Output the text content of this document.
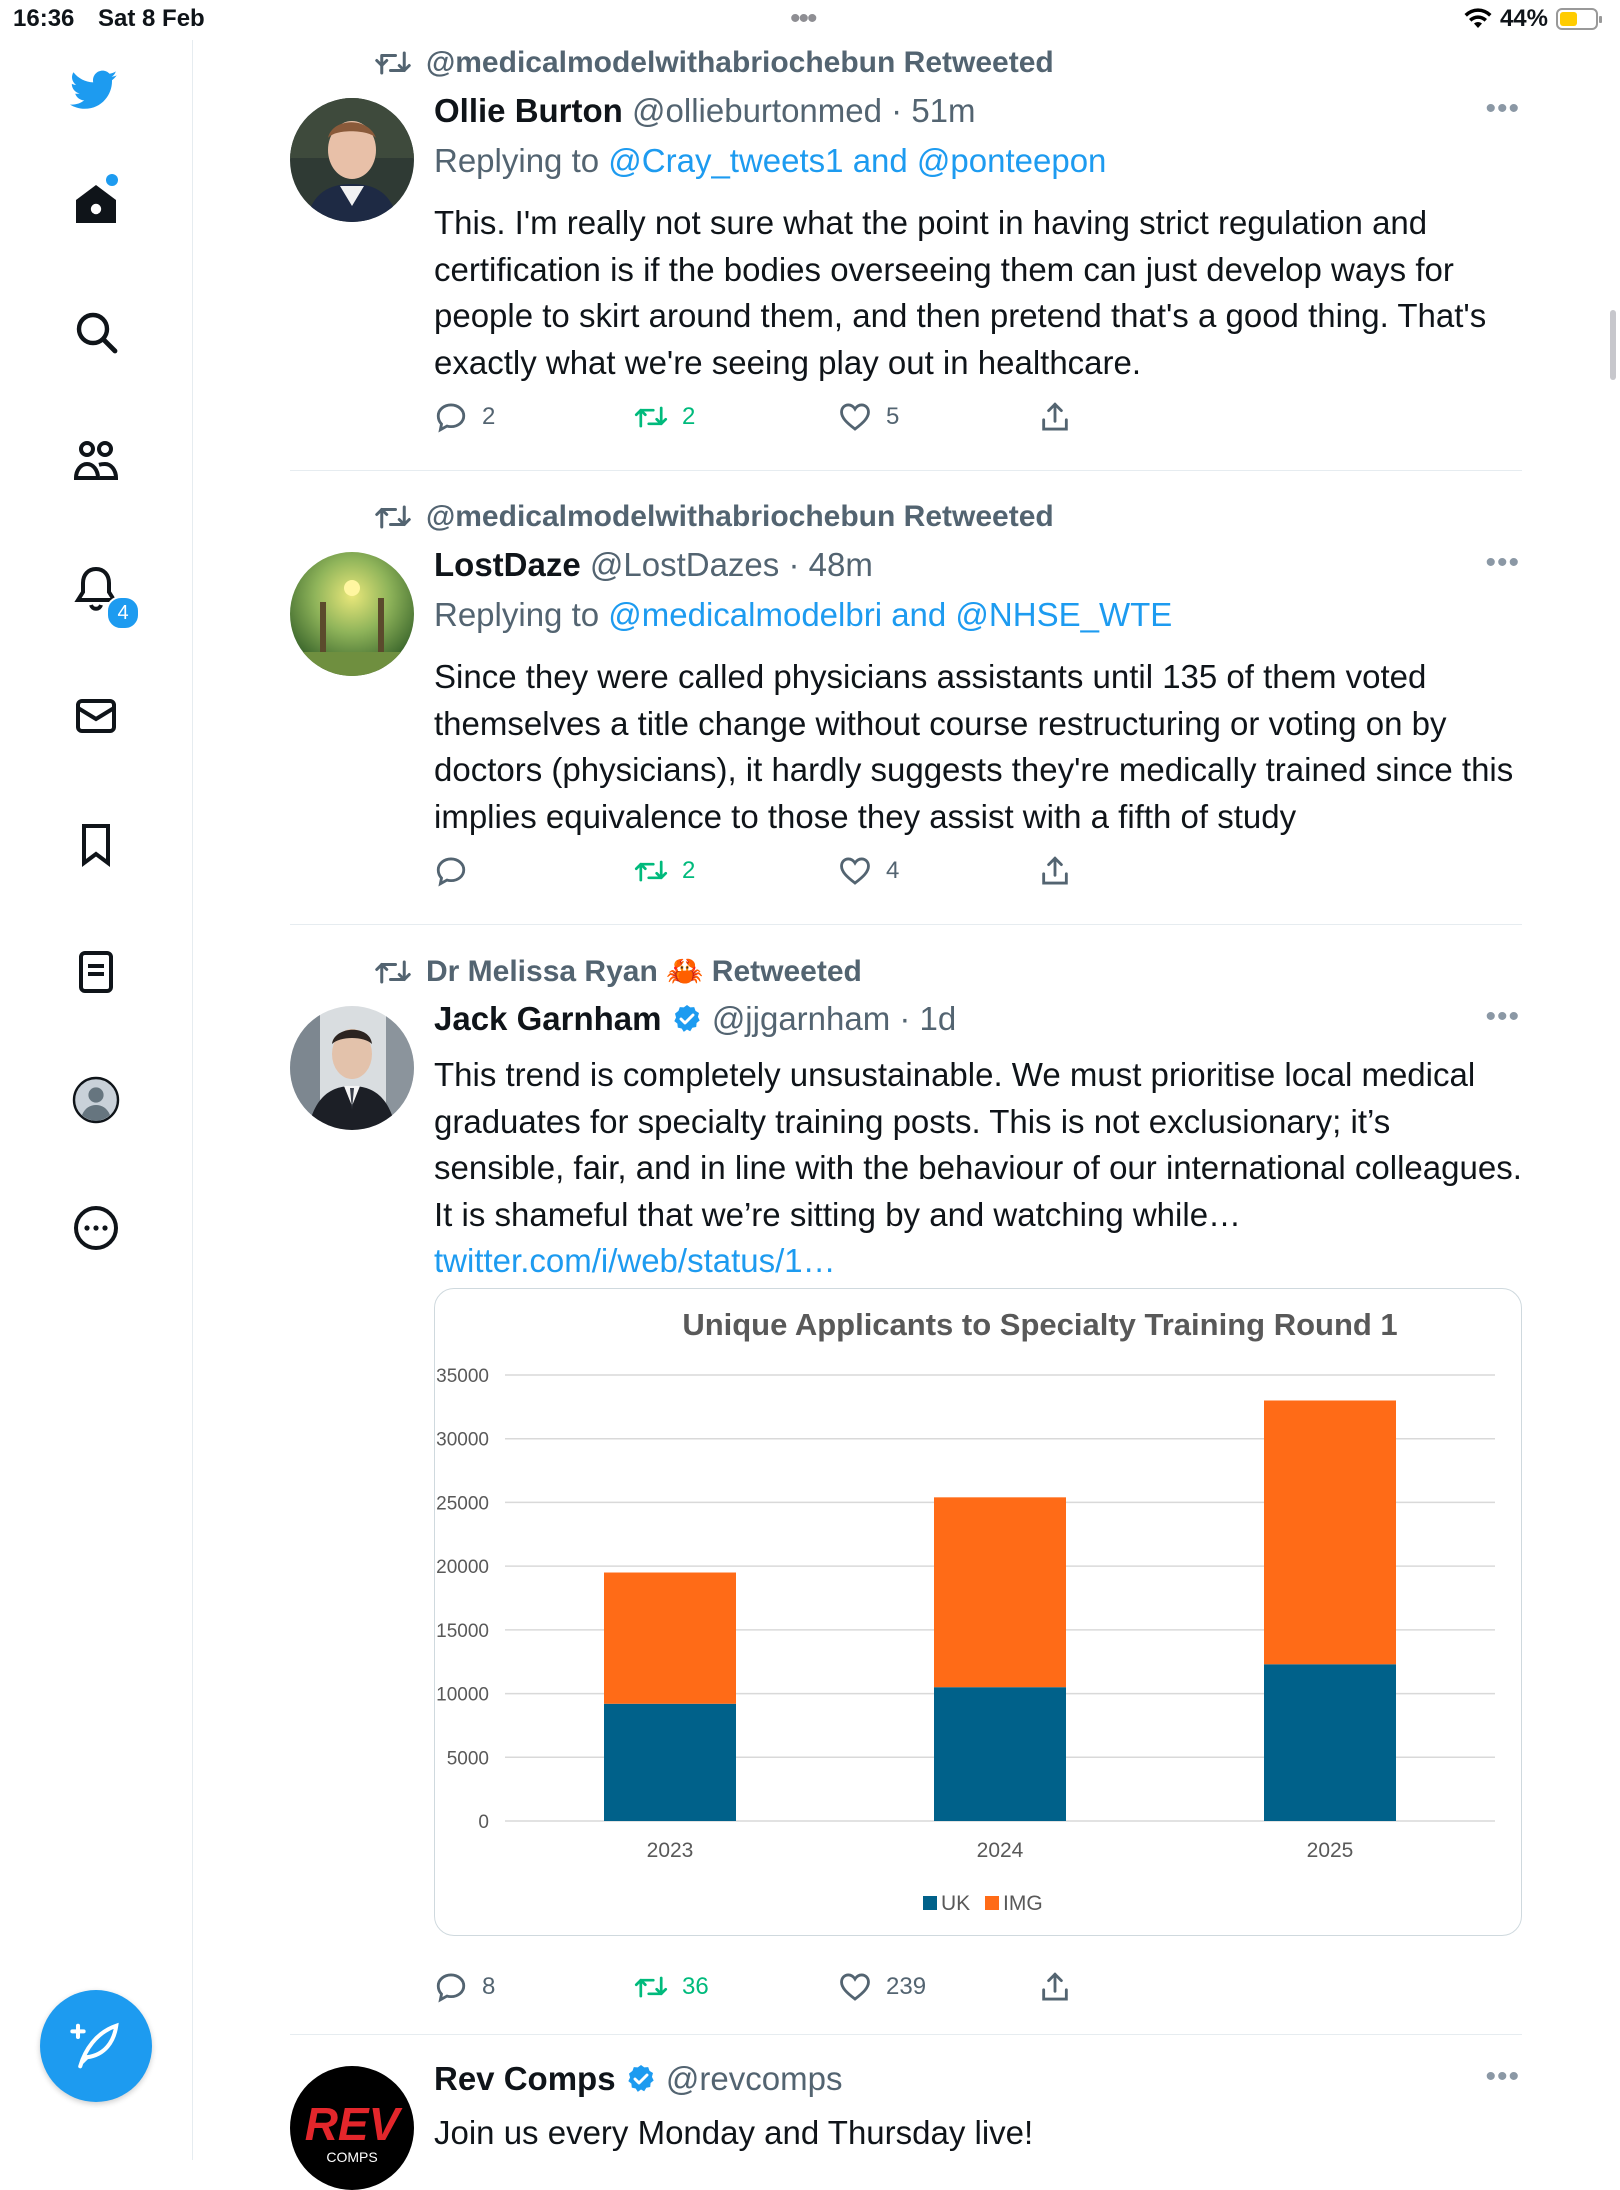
16:36 Sat 8 Feb	•••	44%
4
@medicalmodelwithabriochebun Retweeted
Ollie Burton @ollieburtonmed · 51m	•••
Replying to @Cray_tweets1 and @ponteepon
This. I'm really not sure what the point in having strict regulation and certification is if the bodies overseeing them can just develop ways for people to skirt around them, and then pretend that's a good thing. That's exactly what we're seeing play out in healthcare.
2	2	5
@medicalmodelwithabriochebun Retweeted
LostDaze @LostDazes · 48m	•••
Replying to @medicalmodelbri and @NHSE_WTE
Since they were called physicians assistants until 135 of them voted themselves a title change without course restructuring or voting on by doctors (physicians), it hardly suggests they're medically trained since this implies equivalence to those they assist with a fifth of study
2	4
Dr Melissa Ryan 🦀 Retweeted
Jack Garnham @jjgarnham · 1d	•••
This trend is completely unsustainable. We must prioritise local medical graduates for specialty training posts. This is not exclusionary; it’s sensible, fair, and in line with the behaviour of our international colleagues. It is shameful that we’re sitting by and watching while…
twitter.com/i/web/status/1…
Unique Applicants to Specialty Training Round 1
0
5000
10000
15000
20000
25000
30000
35000
2023	2024	2025
UK IMG
8	36	239
REV
COMPS
Rev Comps @revcomps	•••
Join us every Monday and Thursday live!
